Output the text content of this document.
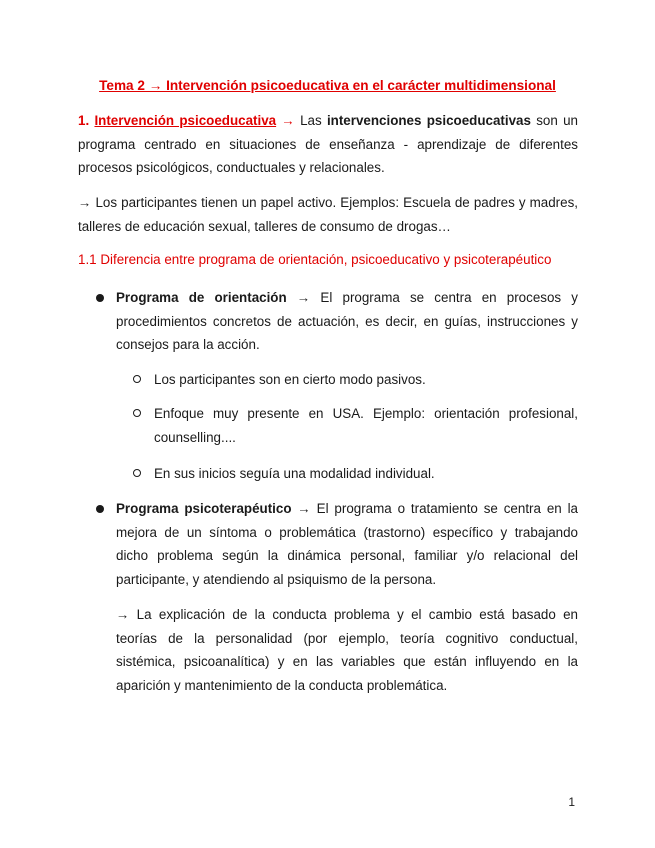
Tema 2 → Intervención psicoeducativa en el carácter multidimensional
1. Intervención psicoeducativa → Las intervenciones psicoeducativas son un programa centrado en situaciones de enseñanza - aprendizaje de diferentes procesos psicológicos, conductuales y relacionales.
→ Los participantes tienen un papel activo. Ejemplos: Escuela de padres y madres, talleres de educación sexual, talleres de consumo de drogas…
1.1 Diferencia entre programa de orientación, psicoeducativo y psicoterapéutico
Programa de orientación → El programa se centra en procesos y procedimientos concretos de actuación, es decir, en guías, instrucciones y consejos para la acción.
Los participantes son en cierto modo pasivos.
Enfoque muy presente en USA. Ejemplo: orientación profesional, counselling....
En sus inicios seguía una modalidad individual.
Programa psicoterapéutico → El programa o tratamiento se centra en la mejora de un síntoma o problemática (trastorno) específico y trabajando dicho problema según la dinámica personal, familiar y/o relacional del participante, y atendiendo al psiquismo de la persona.
→ La explicación de la conducta problema y el cambio está basado en teorías de la personalidad (por ejemplo, teoría cognitivo conductual, sistémica, psicoanalítica) y en las variables que están influyendo en la aparición y mantenimiento de la conducta problemática.
1
